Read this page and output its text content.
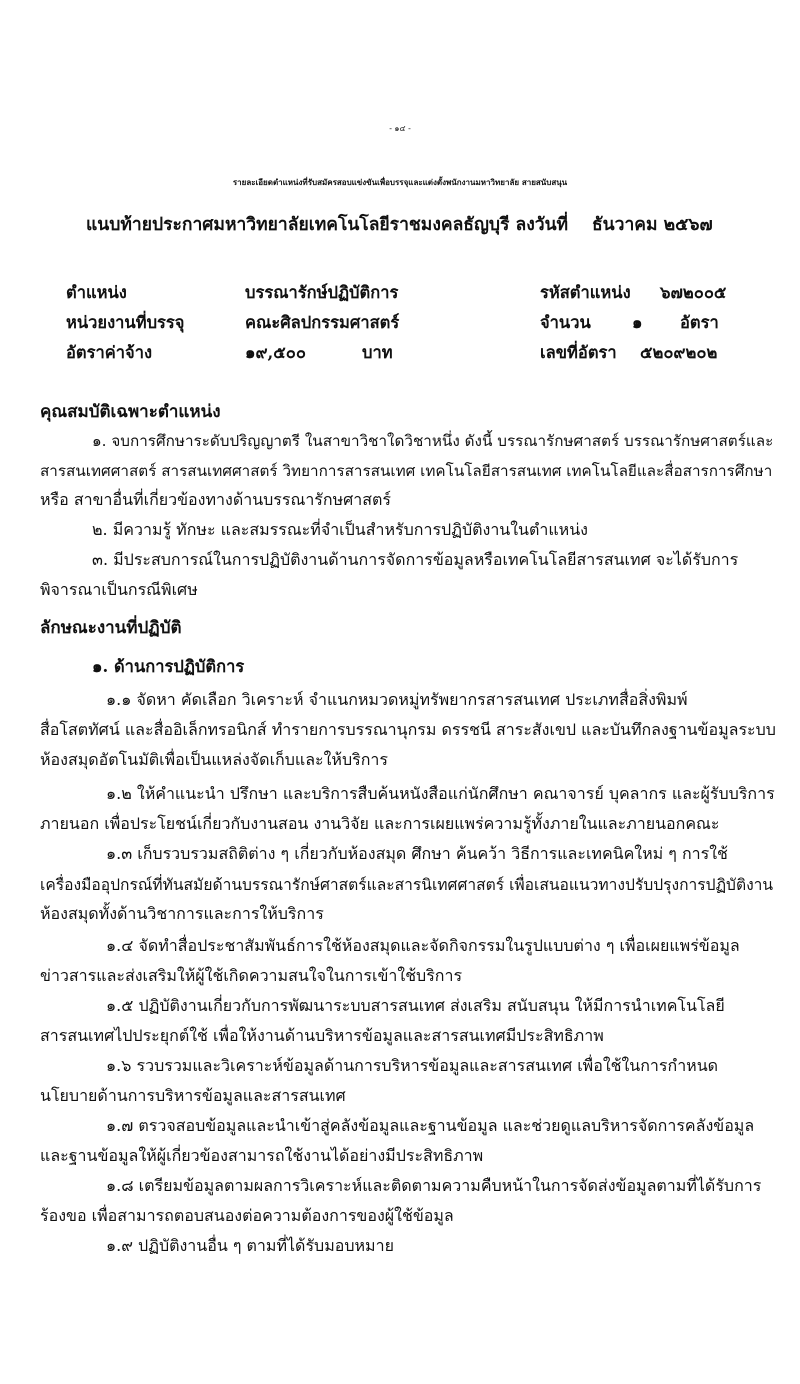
- ๑๔ -
รายละเอียดตำแหน่งที่รับสมัครสอบแข่งขันเพื่อบรรจุและแต่งตั้งพนักงานมหาวิทยาลัย สายสนับสนุน
แนบท้ายประกาศมหาวิทยาลัยเทคโนโลยีราชมงคลธัญบุรี ลงวันที่ ธันวาคม ๒๕๖๗
ตำแหน่ง	บรรณารักษ์ปฏิบัติการ	รหัสตำแหน่ง ๖๗๒๐๐๕
หน่วยงานที่บรรจุ	คณะศิลปกรรมศาสตร์	จำนวน ๑ อัตรา
อัตราค่าจ้าง	๑๙,๕๐๐	บาท	เลขที่อัตรา ๕๒๐๙๒๐๒
คุณสมบัติเฉพาะตำแหน่ง
๑. จบการศึกษาระดับปริญญาตรี ในสาขาวิชาใดวิชาหนึ่ง ดังนี้ บรรณารักษศาสตร์ บรรณารักษศาสตร์และ
สารสนเทศศาสตร์ สารสนเทศศาสตร์ วิทยาการสารสนเทศ เทคโนโลยีสารสนเทศ เทคโนโลยีและสื่อสารการศึกษา
หรือ สาขาอื่นที่เกี่ยวข้องทางด้านบรรณารักษศาสตร์
๒. มีความรู้ ทักษะ และสมรรณะที่จำเป็นสำหรับการปฏิบัติงานในตำแหน่ง
๓. มีประสบการณ์ในการปฏิบัติงานด้านการจัดการข้อมูลหรือเทคโนโลยีสารสนเทศ จะได้รับการ
พิจารณาเป็นกรณีพิเศษ
ลักษณะงานที่ปฏิบัติ
๑. ด้านการปฏิบัติการ
๑.๑ จัดหา คัดเลือก วิเคราะห์ จำแนกหมวดหมู่ทรัพยากรสารสนเทศ ประเภทสื่อสิ่งพิมพ์
สื่อโสตทัศน์ และสื่ออิเล็กทรอนิกส์ ทำรายการบรรณานุกรม ดรรชนี สาระสังเขป และบันทึกลงฐานข้อมูลระบบ
ห้องสมุดอัตโนมัติเพื่อเป็นแหล่งจัดเก็บและให้บริการ
๑.๒ ให้คำแนะนำ ปรึกษา และบริการสืบค้นหนังสือแก่นักศึกษา คณาจารย์ บุคลากร และผู้รับบริการ
ภายนอก เพื่อประโยชน์เกี่ยวกับงานสอน งานวิจัย และการเผยแพร่ความรู้ทั้งภายในและภายนอกคณะ
๑.๓ เก็บรวบรวมสถิติต่าง ๆ เกี่ยวกับห้องสมุด ศึกษา ค้นคว้า วิธีการและเทคนิคใหม่ ๆ การใช้
เครื่องมืออุปกรณ์ที่ทันสมัยด้านบรรณารักษ์ศาสตร์และสารนิเทศศาสตร์ เพื่อเสนอแนวทางปรับปรุงการปฏิบัติงาน
ห้องสมุดทั้งด้านวิชาการและการให้บริการ
๑.๔ จัดทำสื่อประชาสัมพันธ์การใช้ห้องสมุดและจัดกิจกรรมในรูปแบบต่าง ๆ เพื่อเผยแพร่ข้อมูล
ข่าวสารและส่งเสริมให้ผู้ใช้เกิดความสนใจในการเข้าใช้บริการ
๑.๕ ปฏิบัติงานเกี่ยวกับการพัฒนาระบบสารสนเทศ ส่งเสริม สนับสนุน ให้มีการนำเทคโนโลยี
สารสนเทศไปประยุกต์ใช้ เพื่อให้งานด้านบริหารข้อมูลและสารสนเทศมีประสิทธิภาพ
๑.๖ รวบรวมและวิเคราะห์ข้อมูลด้านการบริหารข้อมูลและสารสนเทศ เพื่อใช้ในการกำหนด
นโยบายด้านการบริหารข้อมูลและสารสนเทศ
๑.๗ ตรวจสอบข้อมูลและนำเข้าสู่คลังข้อมูลและฐานข้อมูล และช่วยดูแลบริหารจัดการคลังข้อมูล
และฐานข้อมูลให้ผู้เกี่ยวข้องสามารถใช้งานได้อย่างมีประสิทธิภาพ
๑.๘ เตรียมข้อมูลตามผลการวิเคราะห์และติดตามความคืบหน้าในการจัดส่งข้อมูลตามที่ได้รับการ
ร้องขอ เพื่อสามารถตอบสนองต่อความต้องการของผู้ใช้ข้อมูล
๑.๙ ปฏิบัติงานอื่น ๆ ตามที่ได้รับมอบหมาย
